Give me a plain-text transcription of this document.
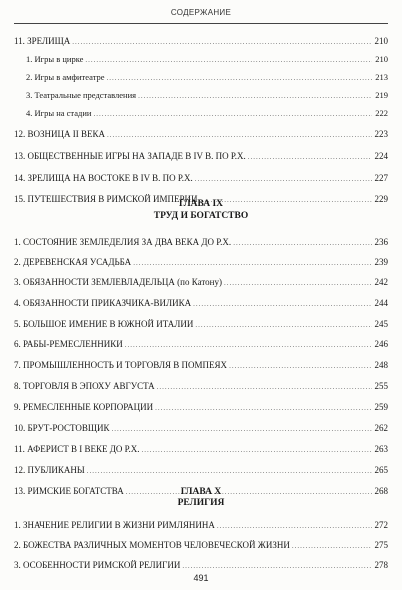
СОДЕРЖАНИЕ
11. ЗРЕЛИЩА .....	210
1. Игры в цирке .....	210
2. Игры в амфитеатре .....	213
3. Театральные представления .....	219
4. Игры на стадии .....	222
12. ВОЗНИЦА II ВЕКА .....	223
13. ОБЩЕСТВЕННЫЕ ИГРЫ НА ЗАПАДЕ В IV В. ПО Р.Х. .....	224
14. ЗРЕЛИЩА НА ВОСТОКЕ В IV В. ПО Р.Х. .....	227
15. ПУТЕШЕСТВИЯ В РИМСКОЙ ИМПЕРИИ .....	229
ГЛАВА IX
ТРУД И БОГАТСТВО
1. СОСТОЯНИЕ ЗЕМЛЕДЕЛИЯ ЗА ДВА ВЕКА ДО Р.Х. .....	236
2. ДЕРЕВЕНСКАЯ УСАДЬБА .....	239
3. ОБЯЗАННОСТИ ЗЕМЛЕВЛАДЕЛЬЦА (по Катону) .....	242
4. ОБЯЗАННОСТИ ПРИКАЗЧИКА-ВИЛИКА .....	244
5. БОЛЬШОЕ ИМЕНИЕ В ЮЖНОЙ ИТАЛИИ .....	245
6. РАБЫ-РЕМЕСЛЕННИКИ .....	246
7. ПРОМЫШЛЕННОСТЬ И ТОРГОВЛЯ В ПОМПЕЯХ .....	248
8. ТОРГОВЛЯ В ЭПОХУ АВГУСТА .....	255
9. РЕМЕСЛЕННЫЕ КОРПОРАЦИИ .....	259
10. БРУТ-РОСТОВЩИК .....	262
11. АФЕРИСТ В I ВЕКЕ ДО Р.Х. .....	263
12. ПУБЛИКАНЫ .....	265
13. РИМСКИЕ БОГАТСТВА .....	268
ГЛАВА X
РЕЛИГИЯ
1. ЗНАЧЕНИЕ РЕЛИГИИ В ЖИЗНИ РИМЛЯНИНА .....	272
2. БОЖЕСТВА РАЗЛИЧНЫХ МОМЕНТОВ ЧЕЛОВЕЧЕСКОЙ ЖИЗНИ .....	275
3. ОСОБЕННОСТИ РИМСКОЙ РЕЛИГИИ .....	278
491
